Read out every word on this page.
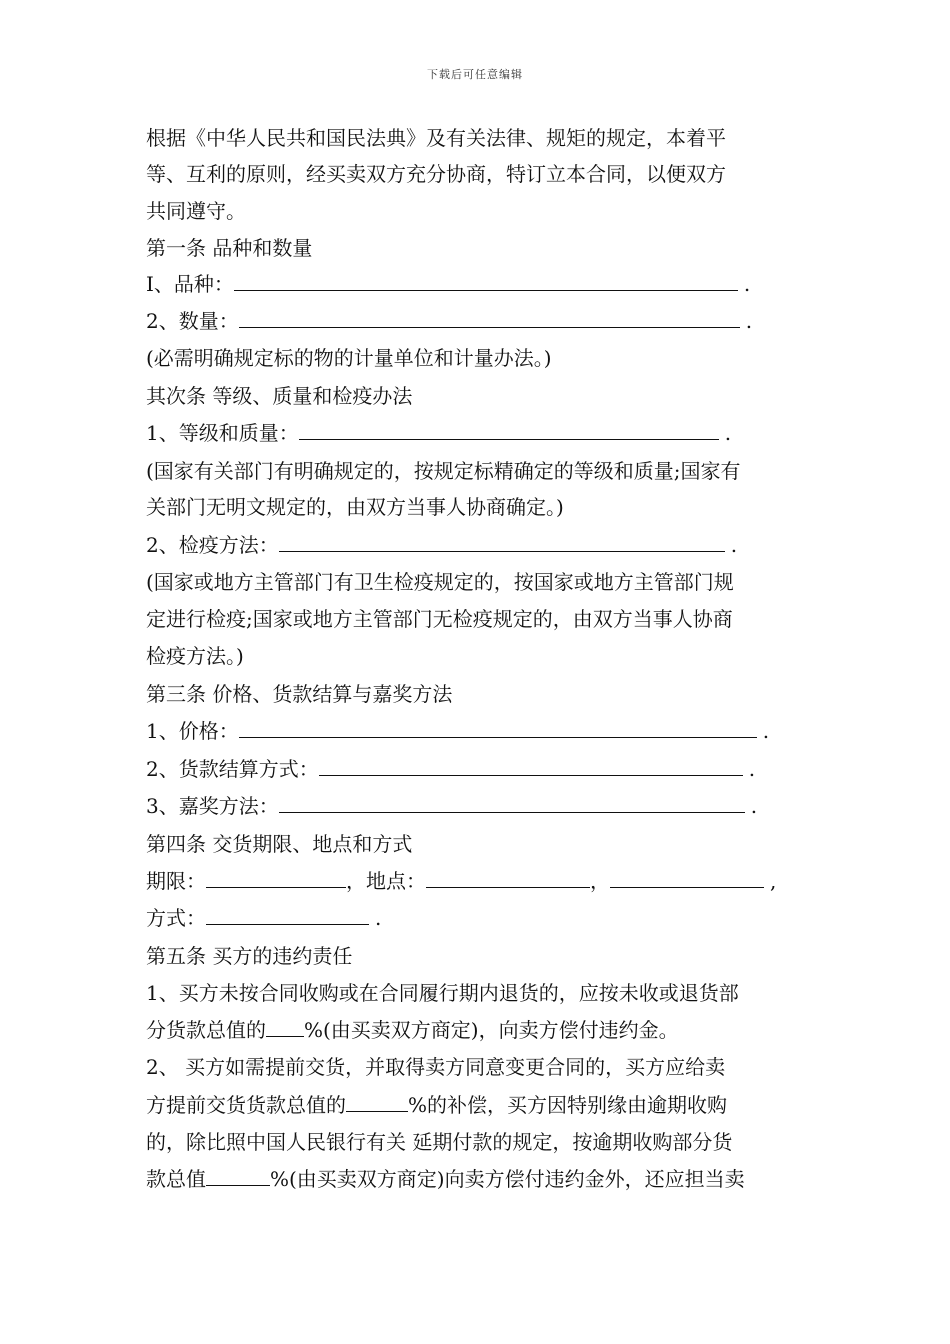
下载后可任意编辑
根据《中华人民共和国民法典》及有关法律、规矩的规定，本着平
等、互利的原则，经买卖双方充分协商，特订立本合同，以便双方
共同遵守。
第一条 品种和数量
I、品种：	.
2、数量：	.
(必需明确规定标的物的计量单位和计量办法。)
其次条 等级、质量和检疫办法
1、等级和质量：	.
(国家有关部门有明确规定的，按规定标精确定的等级和质量;国家有
关部门无明文规定的，由双方当事人协商确定。)
2、检疫方法：	.
(国家或地方主管部门有卫生检疫规定的，按国家或地方主管部门规
定进行检疫;国家或地方主管部门无检疫规定的，由双方当事人协商
检疫方法。)
第三条 价格、货款结算与嘉奖方法
1、价格：	.
2、货款结算方式：	.
3、嘉奖方法：	.
第四条 交货期限、地点和方式
期限：	，地点：	，	,
方式：	.
第五条 买方的违约责任
1、买方未按合同收购或在合同履行期内退货的，应按未收或退货部
分货款总值的 %(由买卖双方商定)，向卖方偿付违约金。
2、 买方如需提前交货，并取得卖方同意变更合同的，买方应给卖
方提前交货货款总值的	%的补偿，买方因特别缘由逾期收购
的，除比照中国人民银行有关 延期付款的规定，按逾期收购部分货
款总值	%(由买卖双方商定)向卖方偿付违约金外，还应担当卖
